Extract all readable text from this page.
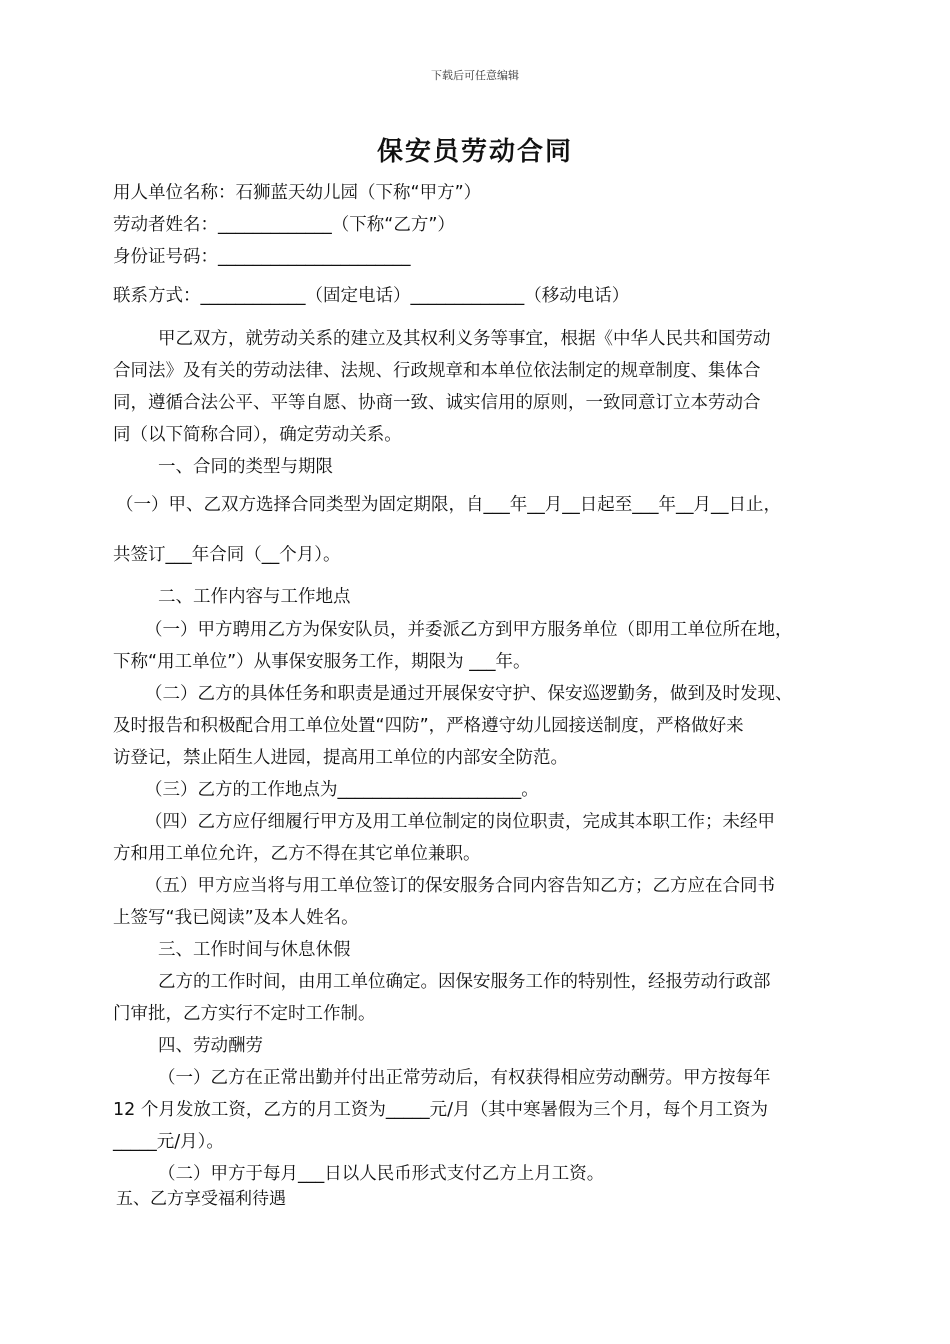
下载后可任意编辑
保安员劳动合同
用人单位名称：石狮蓝天幼儿园（下称“甲方”）
劳动者姓名：_____________（下称“乙方”）
身份证号码：______________________
联系方式：____________（固定电话）_____________（移动电话）
甲乙双方，就劳动关系的建立及其权利义务等事宜，根据《中华人民共和国劳动
合同法》及有关的劳动法律、法规、行政规章和本单位依法制定的规章制度、集体合
同，遵循合法公平、平等自愿、协商一致、诚实信用的原则，一致同意订立本劳动合
同（以下简称合同），确定劳动关系。
一、合同的类型与期限
（一）甲、乙双方选择合同类型为固定期限，自___年__月__日起至___年__月__日止，
共签订___年合同（__个月）。
二、工作内容与工作地点
（一）甲方聘用乙方为保安队员，并委派乙方到甲方服务单位（即用工单位所在地，
下称“用工单位”）从事保安服务工作，期限为 ___年。
（二）乙方的具体任务和职责是通过开展保安守护、保安巡逻勤务，做到及时发现、
及时报告和积极配合用工单位处置“四防”，严格遵守幼儿园接送制度，严格做好来
访登记，禁止陌生人进园，提高用工单位的内部安全防范。
（三）乙方的工作地点为_____________________。
（四）乙方应仔细履行甲方及用工单位制定的岗位职责，完成其本职工作；未经甲
方和用工单位允许，乙方不得在其它单位兼职。
（五）甲方应当将与用工单位签订的保安服务合同内容告知乙方；乙方应在合同书
上签写“我已阅读”及本人姓名。
三、工作时间与休息休假
乙方的工作时间，由用工单位确定。因保安服务工作的特别性，经报劳动行政部
门审批，乙方实行不定时工作制。
四、劳动酬劳
（一）乙方在正常出勤并付出正常劳动后，有权获得相应劳动酬劳。甲方按每年
12 个月发放工资，乙方的月工资为_____元/月（其中寒暑假为三个月，每个月工资为
_____元/月）。
（二）甲方于每月___日以人民币形式支付乙方上月工资。
五、乙方享受福利待遇
